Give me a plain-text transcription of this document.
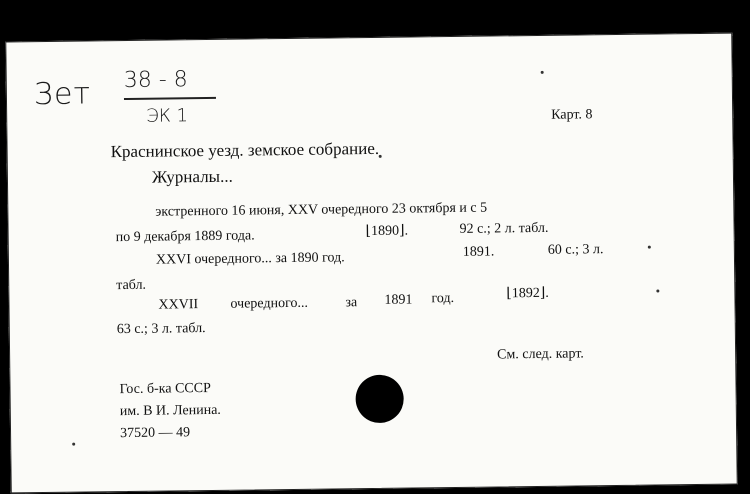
Зет 38 - 8
ЭК 1	Карт. 8
Краснинское уезд. земское собрание.
Журналы...
экстренного 16 июня, XXV очередного 23 октября и с 5
по 9 декабря 1889 года.	⌊1890⌋.	92 с.; 2 л. табл.
XXVI очередного... за 1890 год.	1891.	60 с.; 3 л.
табл.
XXVII очередного...	за 1891 год.	⌊1892⌋.
63 с.; 3 л. табл.
См. след. карт.
Гос. б-ка СССР
им. В И. Ленина.
37520 — 49
